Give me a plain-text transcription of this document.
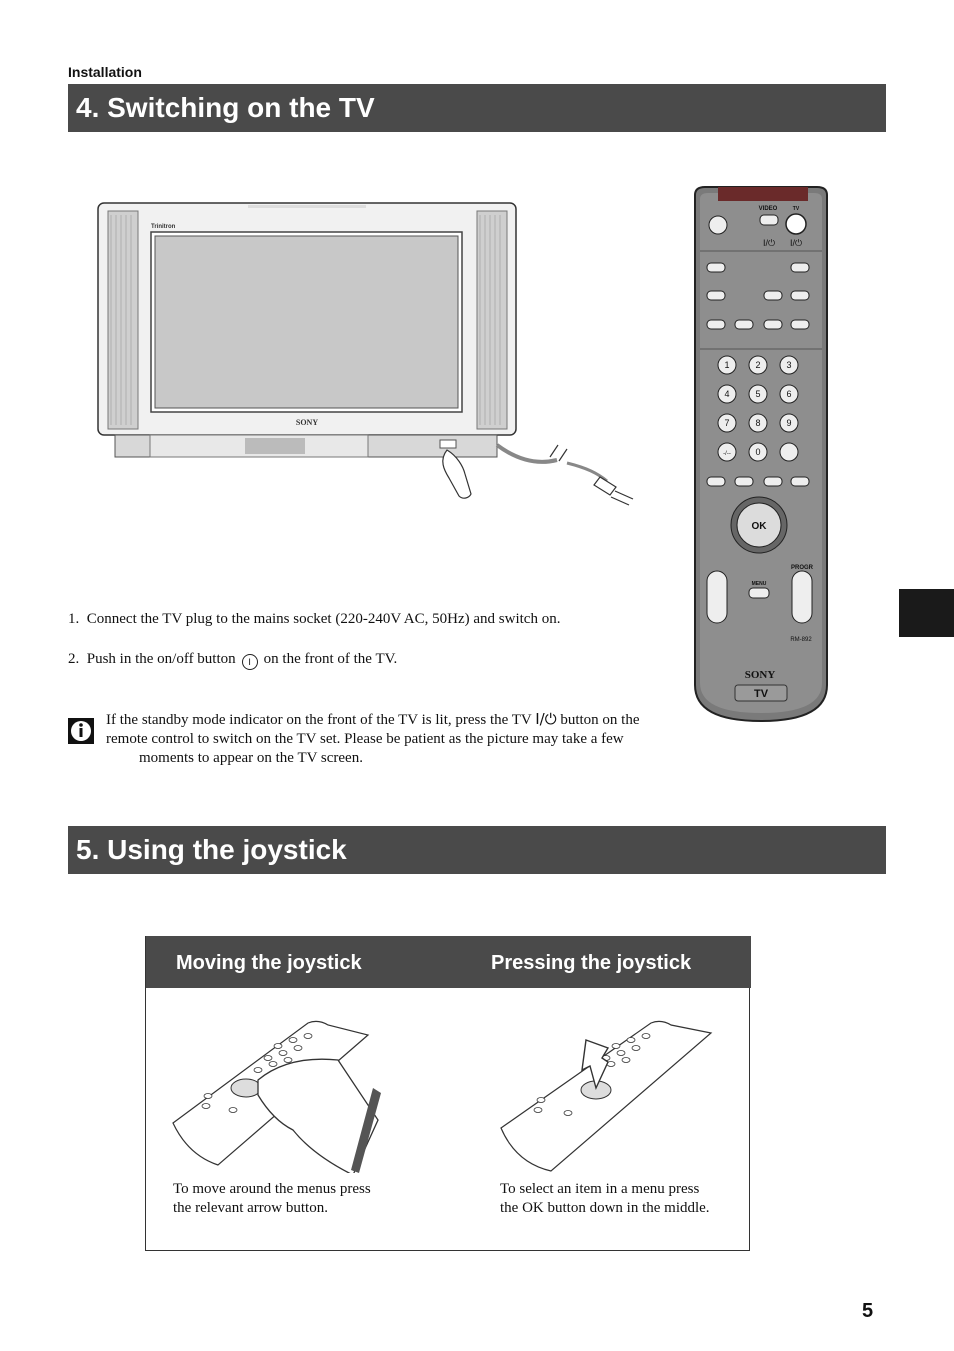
Installation
4. Switching on the TV
Trinitron
SONY
VIDEO	TV
I/⏻ I/⏻
1	2	3
4	5	6
7	8	9
-/--	0
OK
PROGR
MENU
RM-892
SONY
TV
1. Connect the TV plug to the mains socket (220-240V AC, 50Hz) and switch on.
2. Push in the on/off button I on the front of the TV.
If the standby mode indicator on the front of the TV is lit, press the TV I/⏻ button on the
remote control to switch on the TV set. Please be patient as the picture may take a few
moments to appear on the TV screen.
5. Using the joystick
Moving the joystick	Pressing the joystick
To move around the menus press
the relevant arrow button.
To select an item in a menu press
the OK button down in the middle.
5
